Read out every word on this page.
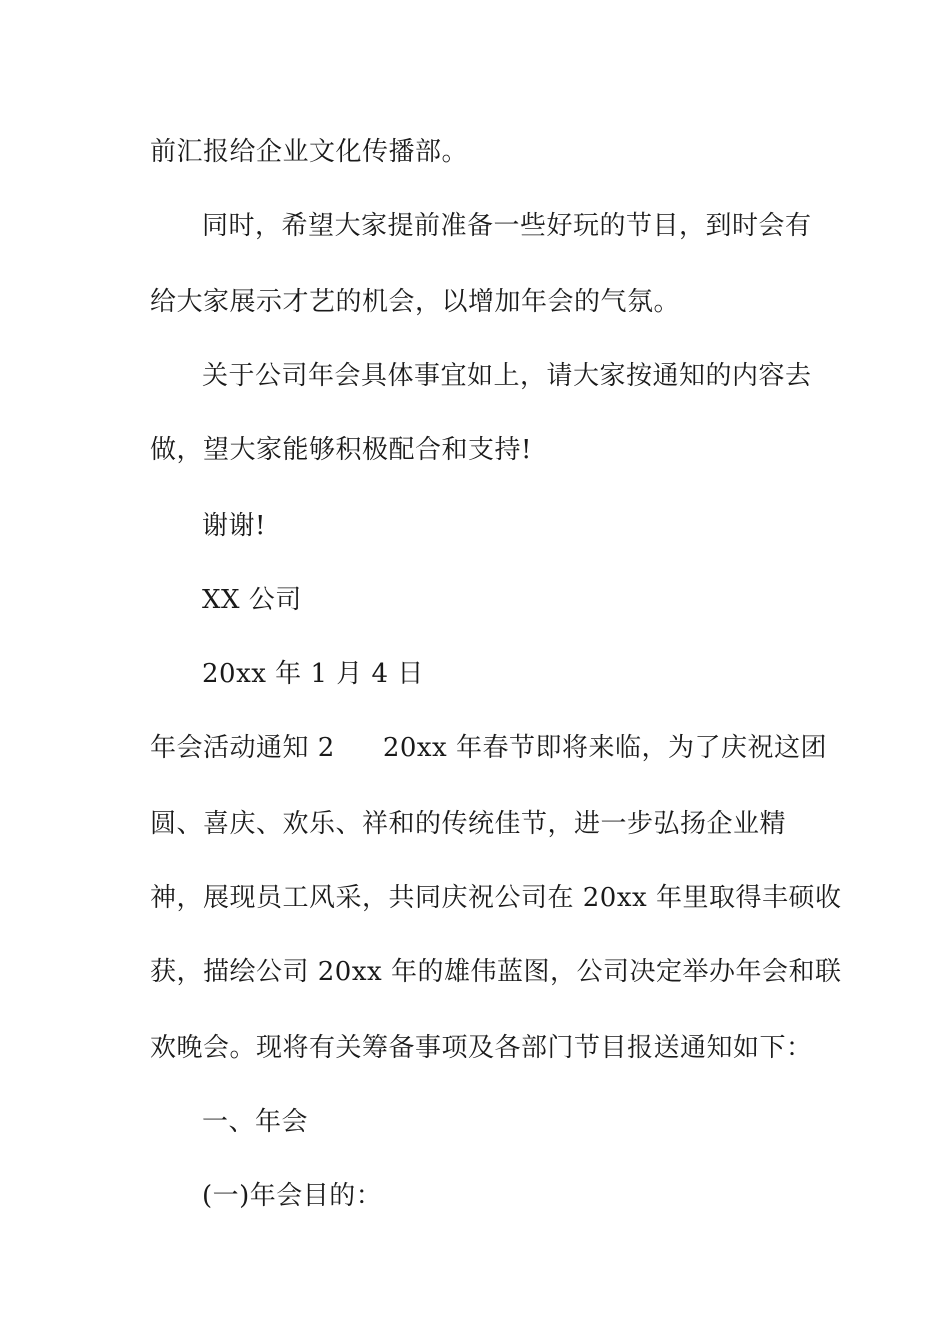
前汇报给企业文化传播部。
同时，希望大家提前准备一些好玩的节目，到时会有
给大家展示才艺的机会，以增加年会的气氛。
关于公司年会具体事宜如上，请大家按通知的内容去
做，望大家能够积极配合和支持!
谢谢!
XX 公司
20xx 年 1 月 4 日
年会活动通知 2 20xx 年春节即将来临，为了庆祝这团
圆、喜庆、欢乐、祥和的传统佳节，进一步弘扬企业精
神，展现员工风采，共同庆祝公司在 20xx 年里取得丰硕收
获，描绘公司 20xx 年的雄伟蓝图，公司决定举办年会和联
欢晚会。现将有关筹备事项及各部门节目报送通知如下：
一、年会
(一)年会目的：
